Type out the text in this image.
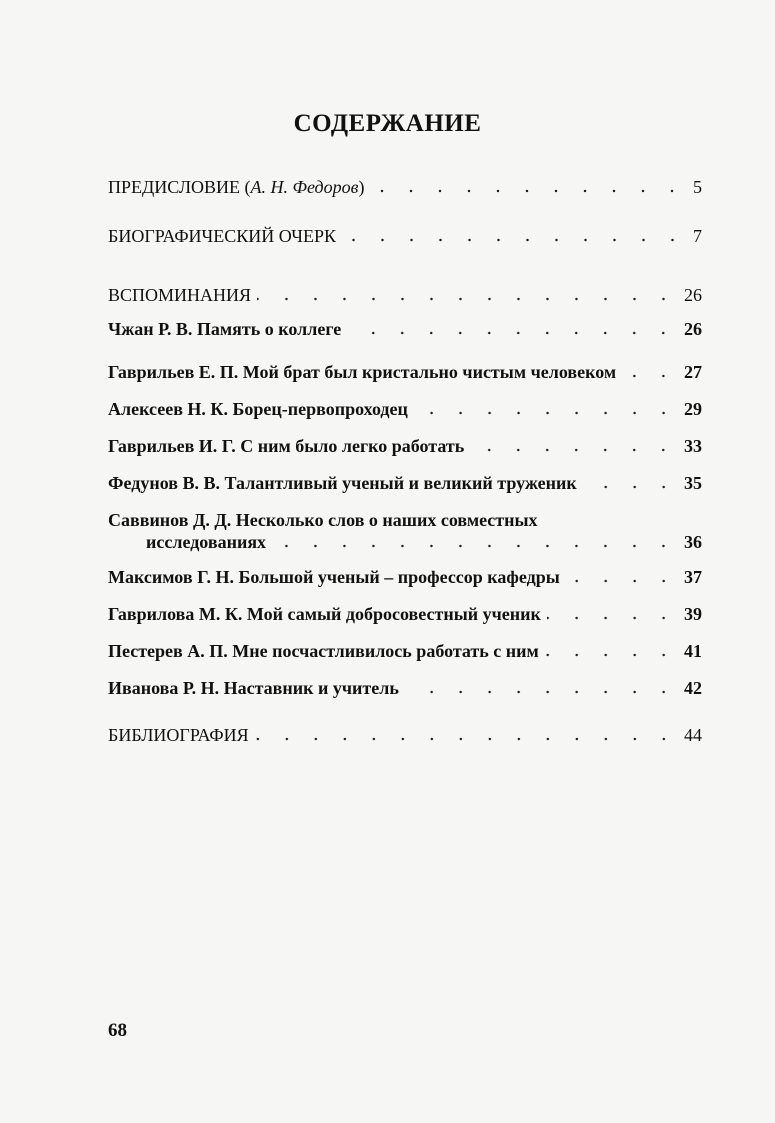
СОДЕРЖАНИЕ
ПРЕДИСЛОВИЕ (А. Н. Федоров)	5
БИОГРАФИЧЕСКИЙ ОЧЕРК	7
ВСПОМИНАНИЯ	26
Чжан Р. В. Память о коллеге	26
Гаврильев Е. П. Мой брат был кристально чистым человеком	27
Алексеев Н. К. Борец-первопроходец	29
Гаврильев И. Г. С ним было легко работать	33
Федунов В. В. Талантливый ученый и великий труженик	35
Саввинов Д. Д. Несколько слов о наших совместных
исследованиях	36
Максимов Г. Н. Большой ученый – профессор кафедры	37
Гаврилова М. К. Мой самый добросовестный ученик	39
Пестерев А. П. Мне посчастливилось работать с ним	41
Иванова Р. Н. Наставник и учитель	42
БИБЛИОГРАФИЯ	44
68
